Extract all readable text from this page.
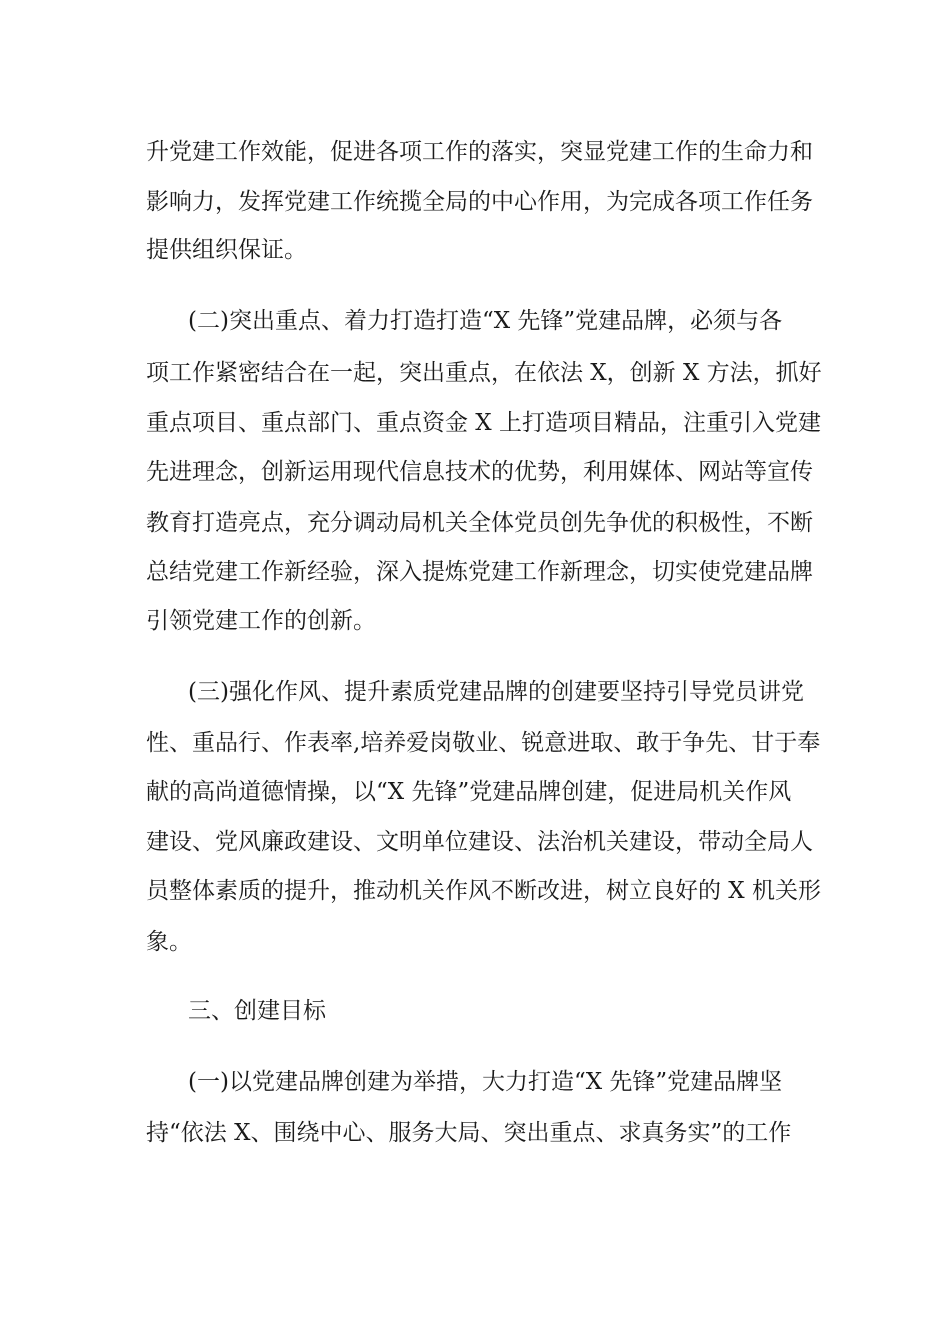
升党建工作效能，促进各项工作的落实，突显党建工作的生命力和

影响力，发挥党建工作统揽全局的中心作用，为完成各项工作任务

提供组织保证。

(二)突出重点、着力打造打造“X 先锋”党建品牌，必须与各

项工作紧密结合在一起，突出重点，在依法 X，创新 X 方法，抓好

重点项目、重点部门、重点资金 X 上打造项目精品，注重引入党建

先进理念，创新运用现代信息技术的优势，利用媒体、网站等宣传

教育打造亮点，充分调动局机关全体党员创先争优的积极性，不断

总结党建工作新经验，深入提炼党建工作新理念，切实使党建品牌

引领党建工作的创新。

(三)强化作风、提升素质党建品牌的创建要坚持引导党员讲党

性、重品行、作表率,培养爱岗敬业、锐意进取、敢于争先、甘于奉

献的高尚道德情操，以“X 先锋”党建品牌创建，促进局机关作风

建设、党风廉政建设、文明单位建设、法治机关建设，带动全局人

员整体素质的提升，推动机关作风不断改进，树立良好的 X 机关形

象。

三、创建目标

(一)以党建品牌创建为举措，大力打造“X 先锋”党建品牌坚

持“依法 X、围绕中心、服务大局、突出重点、求真务实”的工作
